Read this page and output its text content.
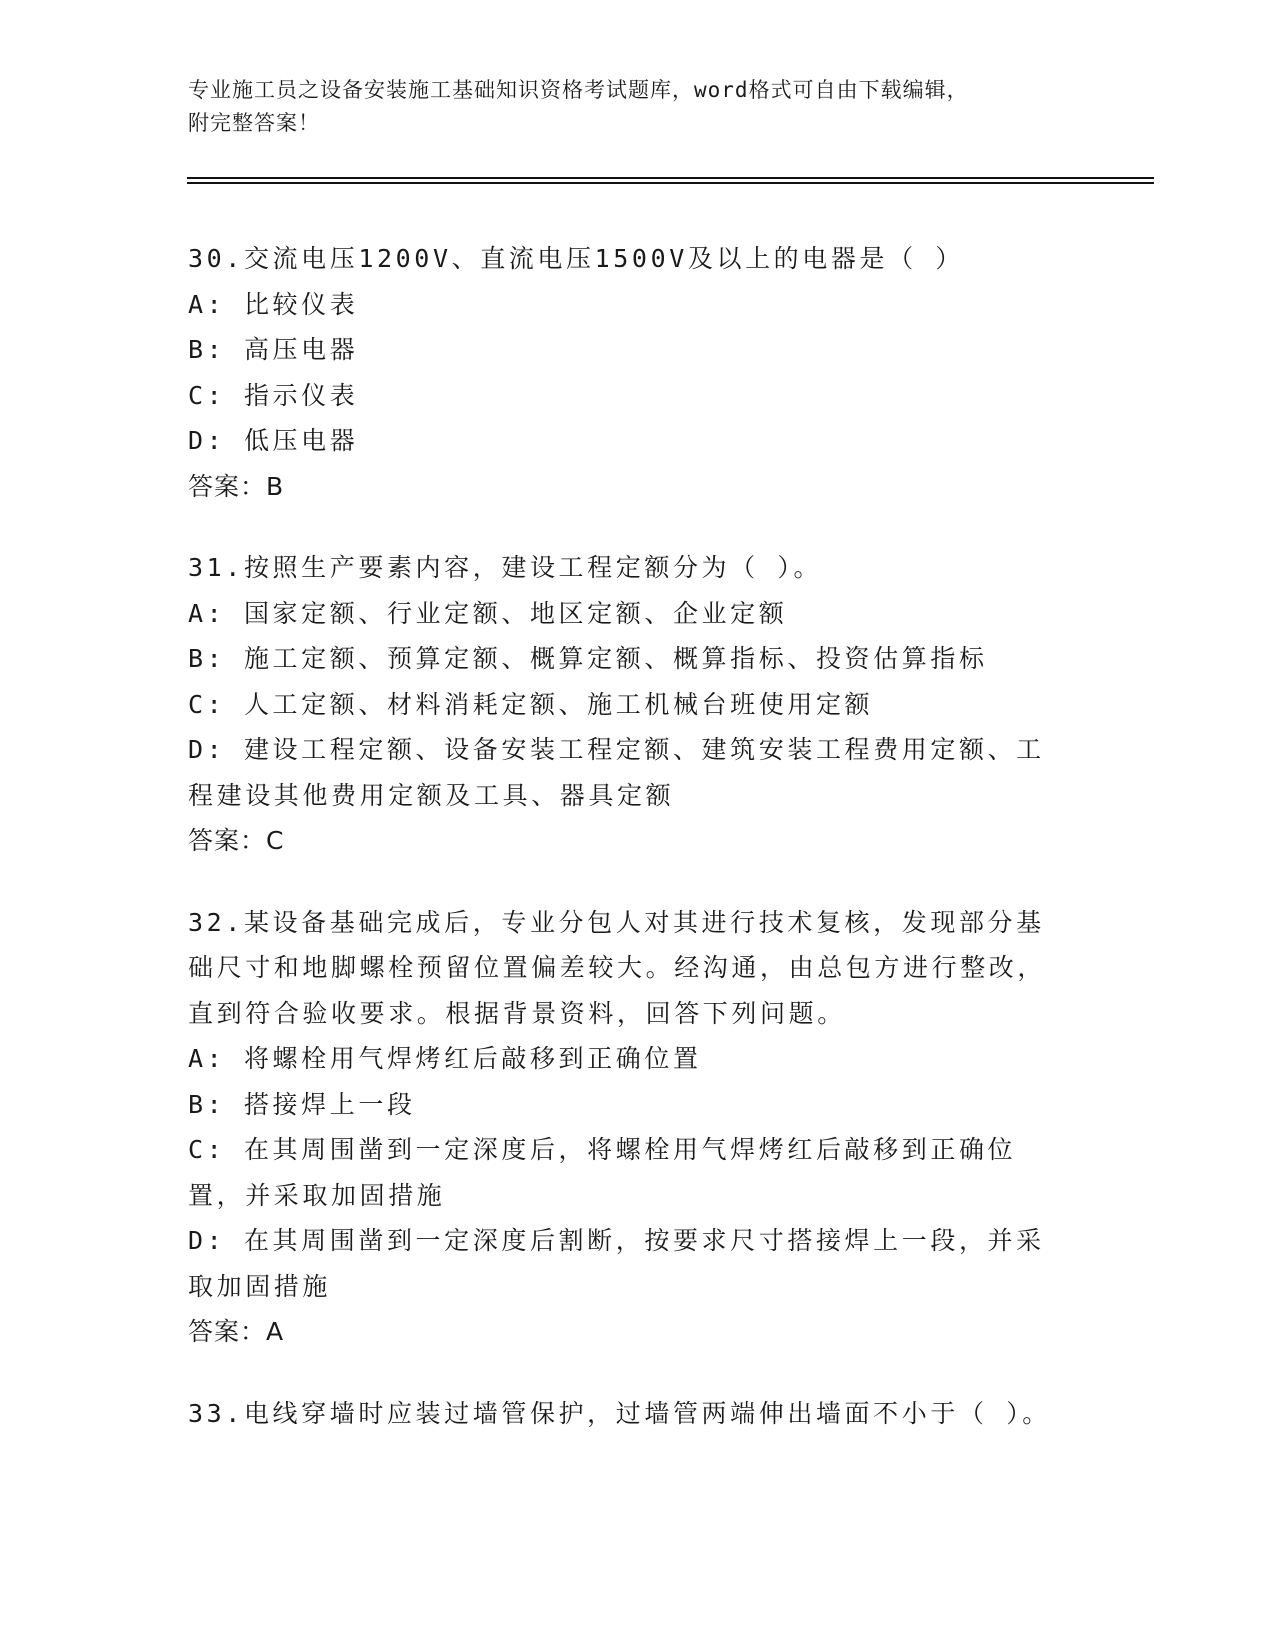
专业施工员之设备安装施工基础知识资格考试题库，word格式可自由下载编辑，
附完整答案！

30.交流电压1200V、直流电压1500V及以上的电器是（ ）

A: 比较仪表

B: 高压电器

C: 指示仪表

D: 低压电器

答案：B

31.按照生产要素内容，建设工程定额分为（ ）。

A: 国家定额、行业定额、地区定额、企业定额

B: 施工定额、预算定额、概算定额、概算指标、投资估算指标

C: 人工定额、材料消耗定额、施工机械台班使用定额

D: 建设工程定额、设备安装工程定额、建筑安装工程费用定额、工程建设其他费用定额及工具、器具定额

答案：C

32.某设备基础完成后，专业分包人对其进行技术复核，发现部分基础尺寸和地脚螺栓预留位置偏差较大。经沟通，由总包方进行整改，直到符合验收要求。根据背景资料，回答下列问题。

A: 将螺栓用气焊烤红后敲移到正确位置

B: 搭接焊上一段

C: 在其周围凿到一定深度后，将螺栓用气焊烤红后敲移到正确位置，并采取加固措施

D: 在其周围凿到一定深度后割断，按要求尺寸搭接焊上一段，并采取加固措施

答案：A

33.电线穿墙时应装过墙管保护，过墙管两端伸出墙面不小于（ ）。
